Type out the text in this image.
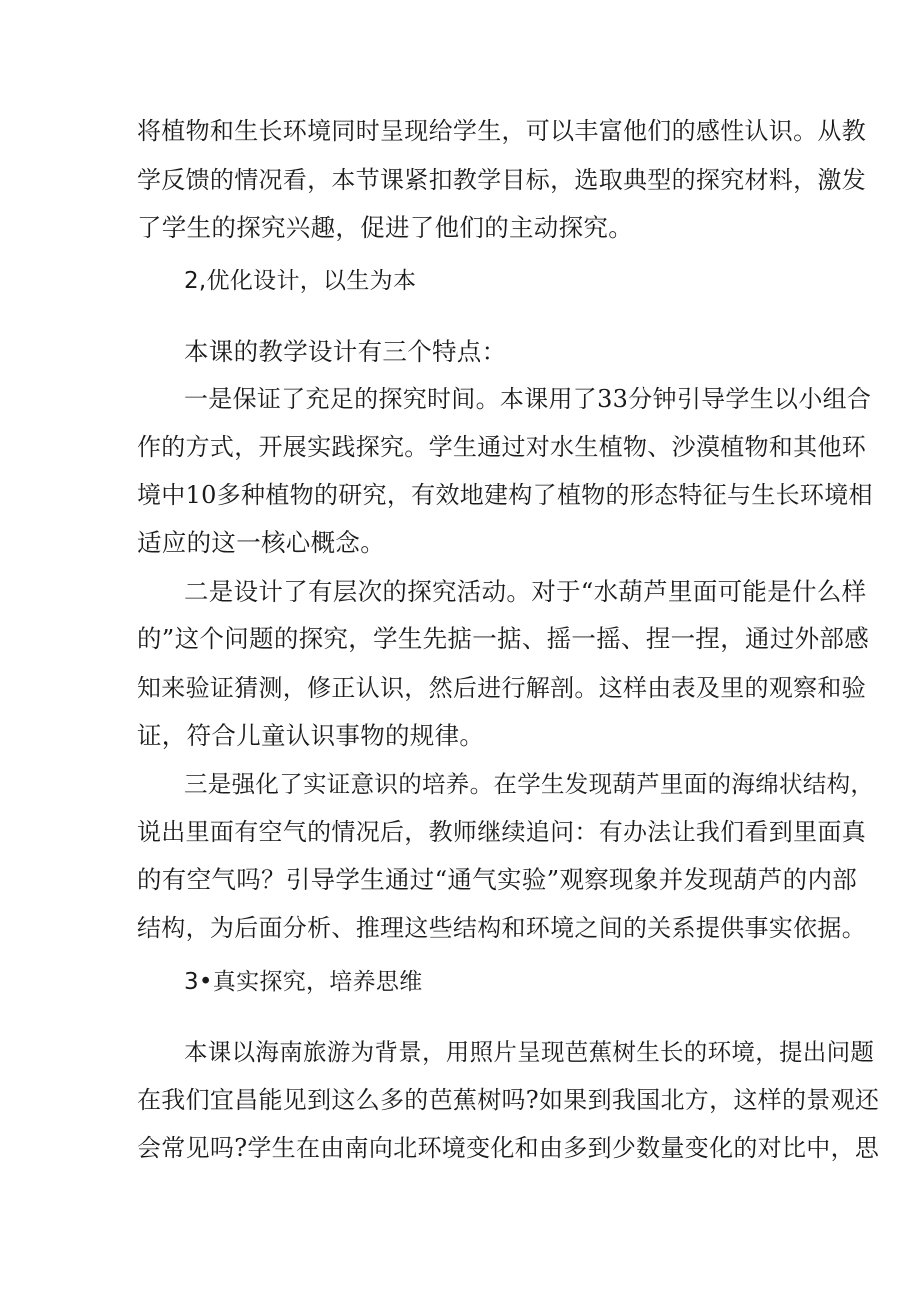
将植物和生长环境同时呈现给学生，可以丰富他们的感性认识。从教
学反馈的情况看，本节课紧扣教学目标，选取典型的探究材料，激发
了学生的探究兴趣，促进了他们的主动探究。
2,优化设计，以生为本
本课的教学设计有三个特点：
一是保证了充足的探究时间。本课用了33分钟引导学生以小组合
作的方式，开展实践探究。学生通过对水生植物、沙漠植物和其他环
境中10多种植物的研究，有效地建构了植物的形态特征与生长环境相
适应的这一核心概念。
二是设计了有层次的探究活动。对于“水葫芦里面可能是什么样
的”这个问题的探究，学生先掂一掂、摇一摇、捏一捏，通过外部感
知来验证猜测，修正认识，然后进行解剖。这样由表及里的观察和验
证，符合儿童认识事物的规律。
三是强化了实证意识的培养。在学生发现葫芦里面的海绵状结构，
说出里面有空气的情况后，教师继续追问：有办法让我们看到里面真
的有空气吗？引导学生通过“通气实验”观察现象并发现葫芦的内部
结构，为后面分析、推理这些结构和环境之间的关系提供事实依据。
3•真实探究，培养思维
本课以海南旅游为背景，用照片呈现芭蕉树生长的环境，提出问题
在我们宜昌能见到这么多的芭蕉树吗?如果到我国北方，这样的景观还
会常见吗?学生在由南向北环境变化和由多到少数量变化的对比中，思
